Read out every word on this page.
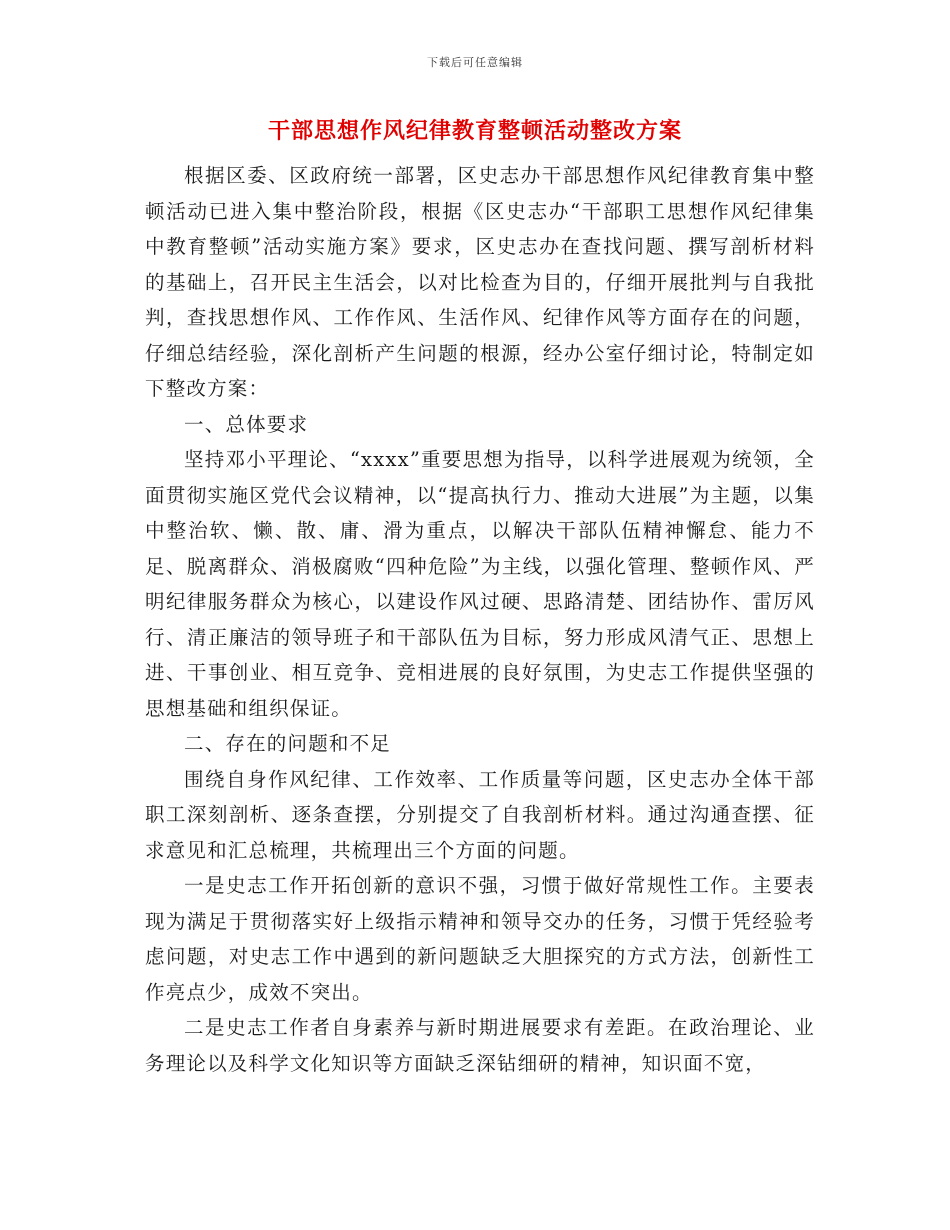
下载后可任意编辑
干部思想作风纪律教育整顿活动整改方案

根据区委、区政府统一部署，区史志办干部思想作风纪律教育集中整顿活动已进入集中整治阶段，根据《区史志办“干部职工思想作风纪律集中教育整顿”活动实施方案》要求，区史志办在查找问题、撰写剖析材料的基础上，召开民主生活会，以对比检查为目的，仔细开展批判与自我批判，查找思想作风、工作作风、生活作风、纪律作风等方面存在的问题，仔细总结经验，深化剖析产生问题的根源，经办公室仔细讨论，特制定如下整改方案：

一、总体要求

坚持邓小平理论、“xxxx”重要思想为指导，以科学进展观为统领，全面贯彻实施区党代会议精神，以“提高执行力、推动大进展”为主题，以集中整治软、懒、散、庸、滑为重点，以解决干部队伍精神懈怠、能力不足、脱离群众、消极腐败“四种危险”为主线，以强化管理、整顿作风、严明纪律服务群众为核心，以建设作风过硬、思路清楚、团结协作、雷厉风行、清正廉洁的领导班子和干部队伍为目标，努力形成风清气正、思想上进、干事创业、相互竞争、竞相进展的良好氛围，为史志工作提供坚强的思想基础和组织保证。

二、存在的问题和不足

围绕自身作风纪律、工作效率、工作质量等问题，区史志办全体干部职工深刻剖析、逐条查摆，分别提交了自我剖析材料。通过沟通查摆、征求意见和汇总梳理，共梳理出三个方面的问题。

一是史志工作开拓创新的意识不强，习惯于做好常规性工作。主要表现为满足于贯彻落实好上级指示精神和领导交办的任务，习惯于凭经验考虑问题，对史志工作中遇到的新问题缺乏大胆探究的方式方法，创新性工作亮点少，成效不突出。

二是史志工作者自身素养与新时期进展要求有差距。在政治理论、业务理论以及科学文化知识等方面缺乏深钻细研的精神，知识面不宽，
